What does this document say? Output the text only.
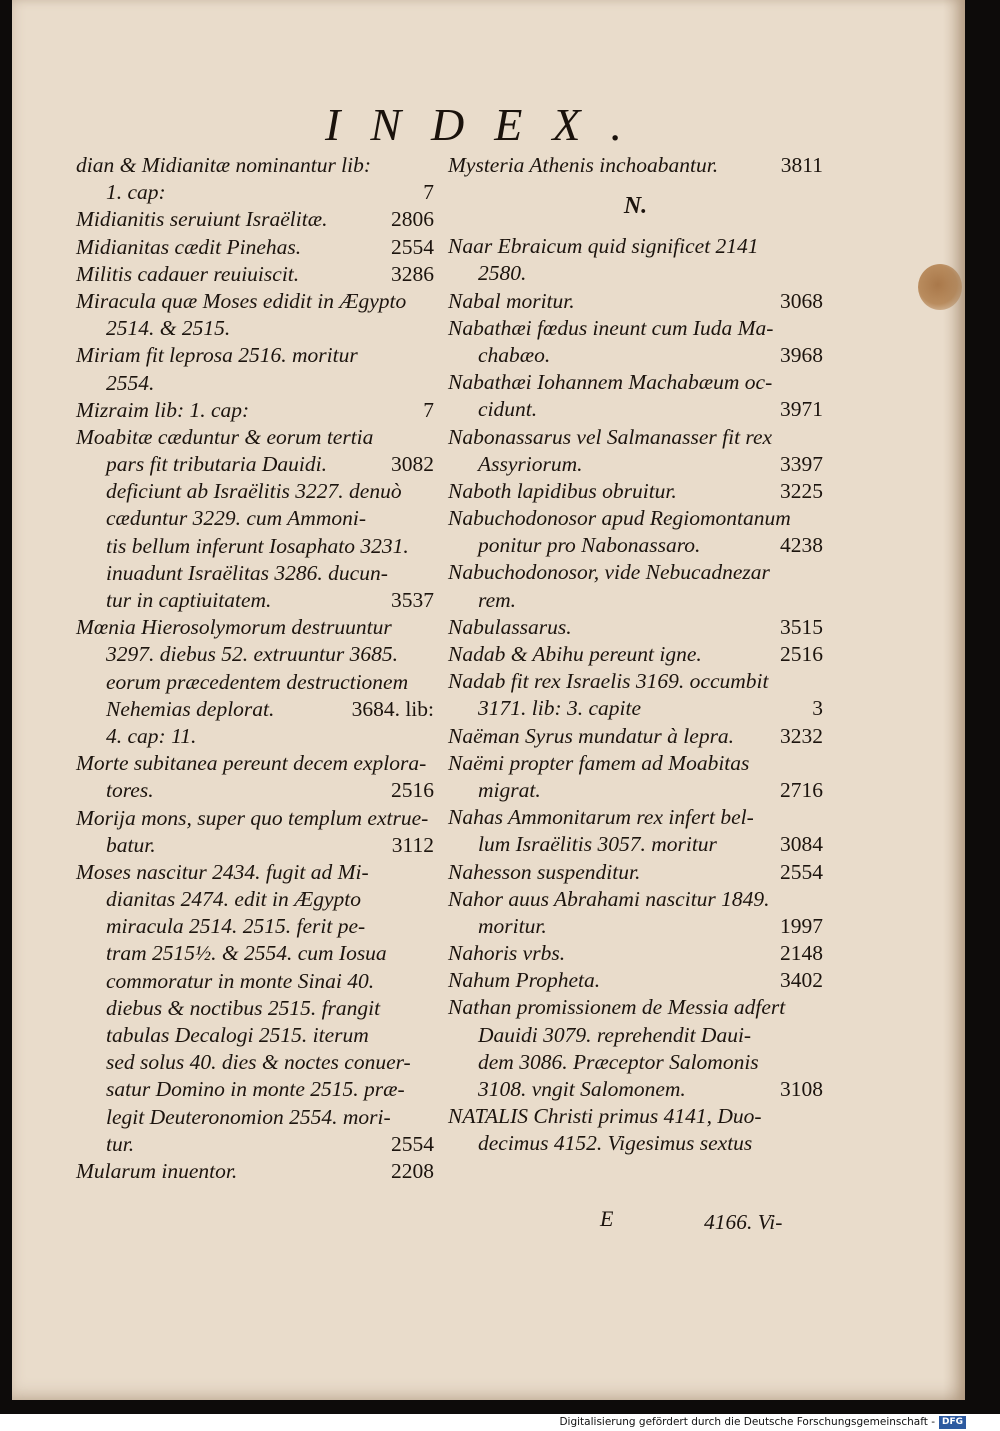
INDEX.
dian & Midianitæ nominantur lib:
1. cap:	7
Midianitis seruiunt Israëlitæ.	2806
Midianitas cædit Pinehas.	2554
Militis cadauer reuiuiscit.	3286
Miracula quæ Moses edidit in Ægypto
2514. & 2515.
Miriam fit leprosa 2516. moritur
2554.
Mizraim lib: 1. cap:	7
Moabitæ cæduntur & eorum tertia
pars fit tributaria Dauidi.	3082
deficiunt ab Israëlitis 3227. denuò
cæduntur 3229. cum Ammoni-
tis bellum inferunt Iosaphato 3231.
inuadunt Israëlitas 3286. ducun-
tur in captiuitatem.	3537
Mœnia Hierosolymorum destruuntur
3297. diebus 52. extruuntur 3685.
eorum præcedentem destructionem
Nehemias deplorat.	3684. lib:
4. cap: 11.
Morte subitanea pereunt decem explora-
tores.	2516
Morija mons, super quo templum extrue-
batur.	3112
Moses nascitur 2434. fugit ad Mi-
dianitas 2474. edit in Ægypto
miracula 2514. 2515. ferit pe-
tram 2515½. & 2554. cum Iosua
commoratur in monte Sinai 40.
diebus & noctibus 2515. frangit
tabulas Decalogi 2515. iterum
sed solus 40. dies & noctes conuer-
satur Domino in monte 2515. præ-
legit Deuteronomion 2554. mori-
tur.	2554
Mularum inuentor.	2208
Mysteria Athenis inchoabantur.	3811
N.
Naar Ebraicum quid significet 2141
2580.
Nabal moritur.	3068
Nabathæi fœdus ineunt cum Iuda Ma-
chabæo.	3968
Nabathæi Iohannem Machabæum oc-
cidunt.	3971
Nabonassarus vel Salmanasser fit rex
Assyriorum.	3397
Naboth lapidibus obruitur.	3225
Nabuchodonosor apud Regiomontanum
ponitur pro Nabonassaro.	4238
Nabuchodonosor, vide Nebucadnezar
rem.
Nabulassarus.	3515
Nadab & Abihu pereunt igne.	2516
Nadab fit rex Israelis 3169. occumbit
3171. lib: 3. capite	3
Naëman Syrus mundatur à lepra. 3232
Naëmi propter famem ad Moabitas
migrat.	2716
Nahas Ammonitarum rex infert bel-
lum Israëlitis 3057. moritur	3084
Nahesson suspenditur.	2554
Nahor auus Abrahami nascitur 1849.
moritur.	1997
Nahoris vrbs.	2148
Nahum Propheta.	3402
Nathan promissionem de Messia adfert
Dauidi 3079. reprehendit Daui-
dem 3086. Præceptor Salomonis
3108. vngit Salomonem.	3108
NATALIS Christi primus 4141, Duo-
decimus 4152. Vigesimus sextus
E	4166. Vi-
Digitalisierung gefördert durch die Deutsche Forschungsgemeinschaft - DFG
